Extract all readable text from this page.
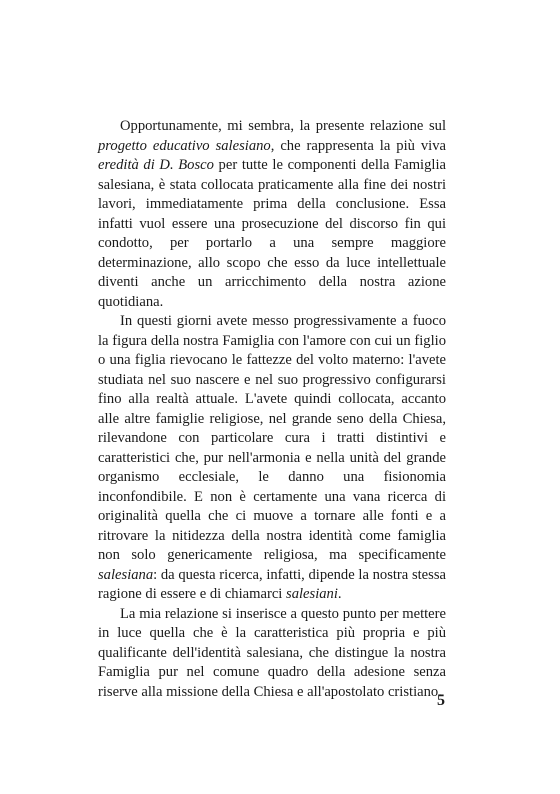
Opportunamente, mi sembra, la presente relazione sul progetto educativo salesiano, che rappresenta la più viva eredità di D. Bosco per tutte le componenti della Famiglia salesiana, è stata collocata praticamente alla fine dei nostri lavori, immediatamente prima della conclusione. Essa infatti vuol essere una prosecuzione del discorso fin qui condotto, per portarlo a una sempre maggiore determinazione, allo scopo che esso da luce intellettuale diventi anche un arricchimento della nostra azione quotidiana.

In questi giorni avete messo progressivamente a fuoco la figura della nostra Famiglia con l'amore con cui un figlio o una figlia rievocano le fattezze del volto materno: l'avete studiata nel suo nascere e nel suo progressivo configurarsi fino alla realtà attuale. L'avete quindi collocata, accanto alle altre famiglie religiose, nel grande seno della Chiesa, rilevandone con particolare cura i tratti distintivi e caratteristici che, pur nell'armonia e nella unità del grande organismo ecclesiale, le danno una fisionomia inconfondibile. E non è certamente una vana ricerca di originalità quella che ci muove a tornare alle fonti e a ritrovare la nitidezza della nostra identità come famiglia non solo genericamente religiosa, ma specificamente salesiana: da questa ricerca, infatti, dipende la nostra stessa ragione di essere e di chiamarci salesiani.

La mia relazione si inserisce a questo punto per mettere in luce quella che è la caratteristica più propria e più qualificante dell'identità salesiana, che distingue la nostra Famiglia pur nel comune quadro della adesione senza riserve alla missione della Chiesa e all'apostolato cristiano.

5
